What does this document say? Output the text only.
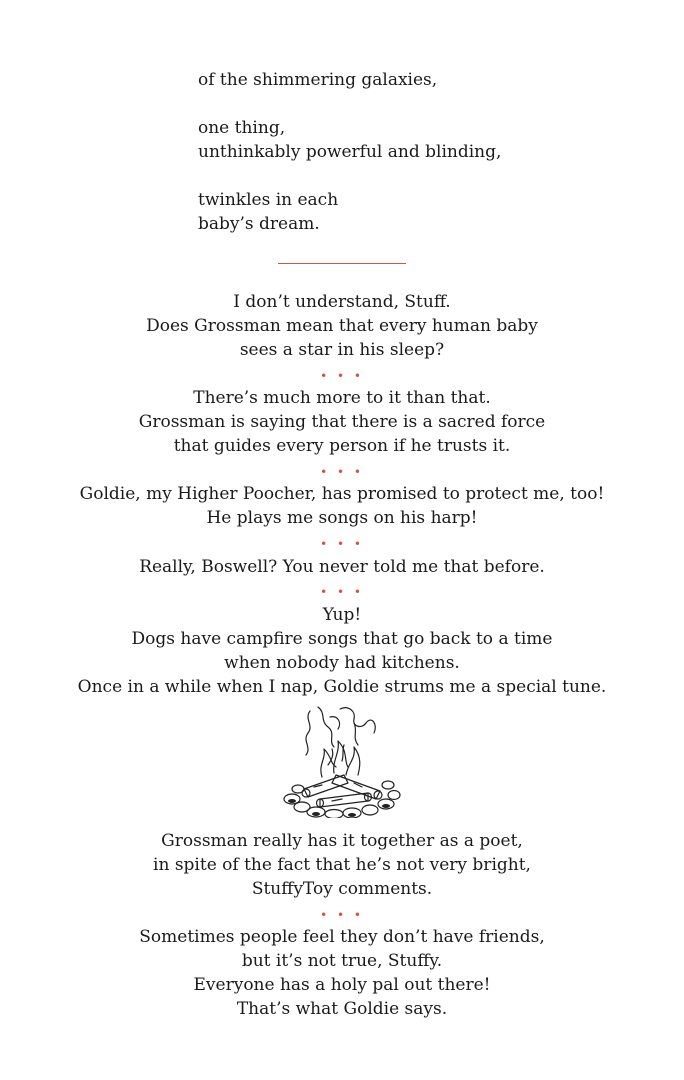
of the shimmering galaxies,
one thing,
unthinkably powerful and blinding,
twinkles in each
baby’s dream.
I don’t understand, Stuff.
Does Grossman mean that every human baby
sees a star in his sleep?
• • •
There’s much more to it than that.
Grossman is saying that there is a sacred force
that guides every person if he trusts it.
• • •
Goldie, my Higher Poocher, has promised to protect me, too!
He plays me songs on his harp!
• • •
Really, Boswell? You never told me that before.
• • •
Yup!
Dogs have campfire songs that go back to a time
when nobody had kitchens.
Once in a while when I nap, Goldie strums me a special tune.
Grossman really has it together as a poet,
in spite of the fact that he’s not very bright,
StuffyToy comments.
• • •
Sometimes people feel they don’t have friends,
but it’s not true, Stuffy.
Everyone has a holy pal out there!
That’s what Goldie says.
